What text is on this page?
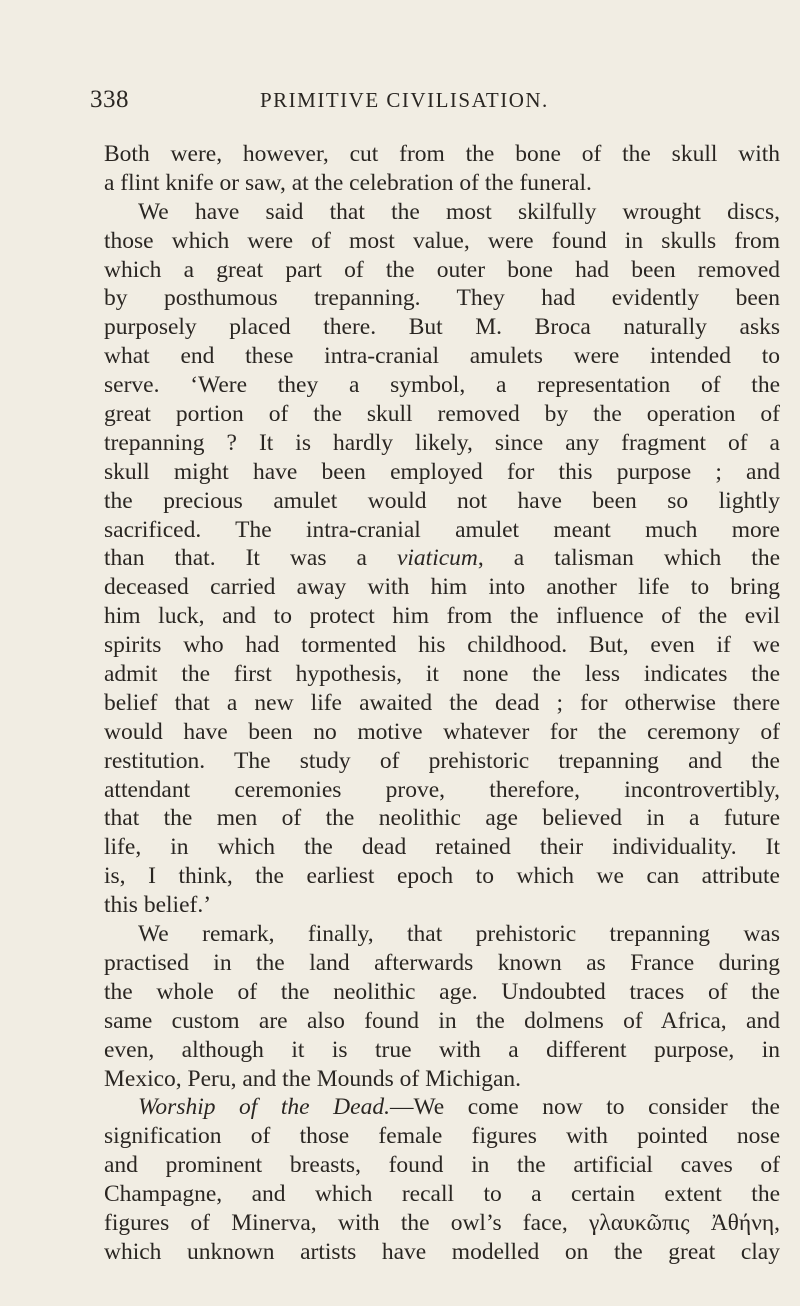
338	PRIMITIVE CIVILISATION.
Both were, however, cut from the bone of the skull with
a flint knife or saw, at the celebration of the funeral.
We have said that the most skilfully wrought discs,
those which were of most value, were found in skulls from
which a great part of the outer bone had been removed
by posthumous trepanning. They had evidently been
purposely placed there. But M. Broca naturally asks
what end these intra-cranial amulets were intended to
serve. ‘Were they a symbol, a representation of the
great portion of the skull removed by the operation of
trepanning ? It is hardly likely, since any fragment of a
skull might have been employed for this purpose ; and
the precious amulet would not have been so lightly
sacrificed. The intra-cranial amulet meant much more
than that. It was a viaticum, a talisman which the
deceased carried away with him into another life to bring
him luck, and to protect him from the influence of the evil
spirits who had tormented his childhood. But, even if we
admit the first hypothesis, it none the less indicates the
belief that a new life awaited the dead ; for otherwise there
would have been no motive whatever for the ceremony of
restitution. The study of prehistoric trepanning and the
attendant ceremonies prove, therefore, incontrovertibly,
that the men of the neolithic age believed in a future
life, in which the dead retained their individuality. It
is, I think, the earliest epoch to which we can attribute
this belief.’
We remark, finally, that prehistoric trepanning was
practised in the land afterwards known as France during
the whole of the neolithic age. Undoubted traces of the
same custom are also found in the dolmens of Africa, and
even, although it is true with a different purpose, in
Mexico, Peru, and the Mounds of Michigan.
Worship of the Dead.—We come now to consider the
signification of those female figures with pointed nose
and prominent breasts, found in the artificial caves of
Champagne, and which recall to a certain extent the
figures of Minerva, with the owl’s face, γλαυκῶπις Ἀθήνη,
which unknown artists have modelled on the great clay
